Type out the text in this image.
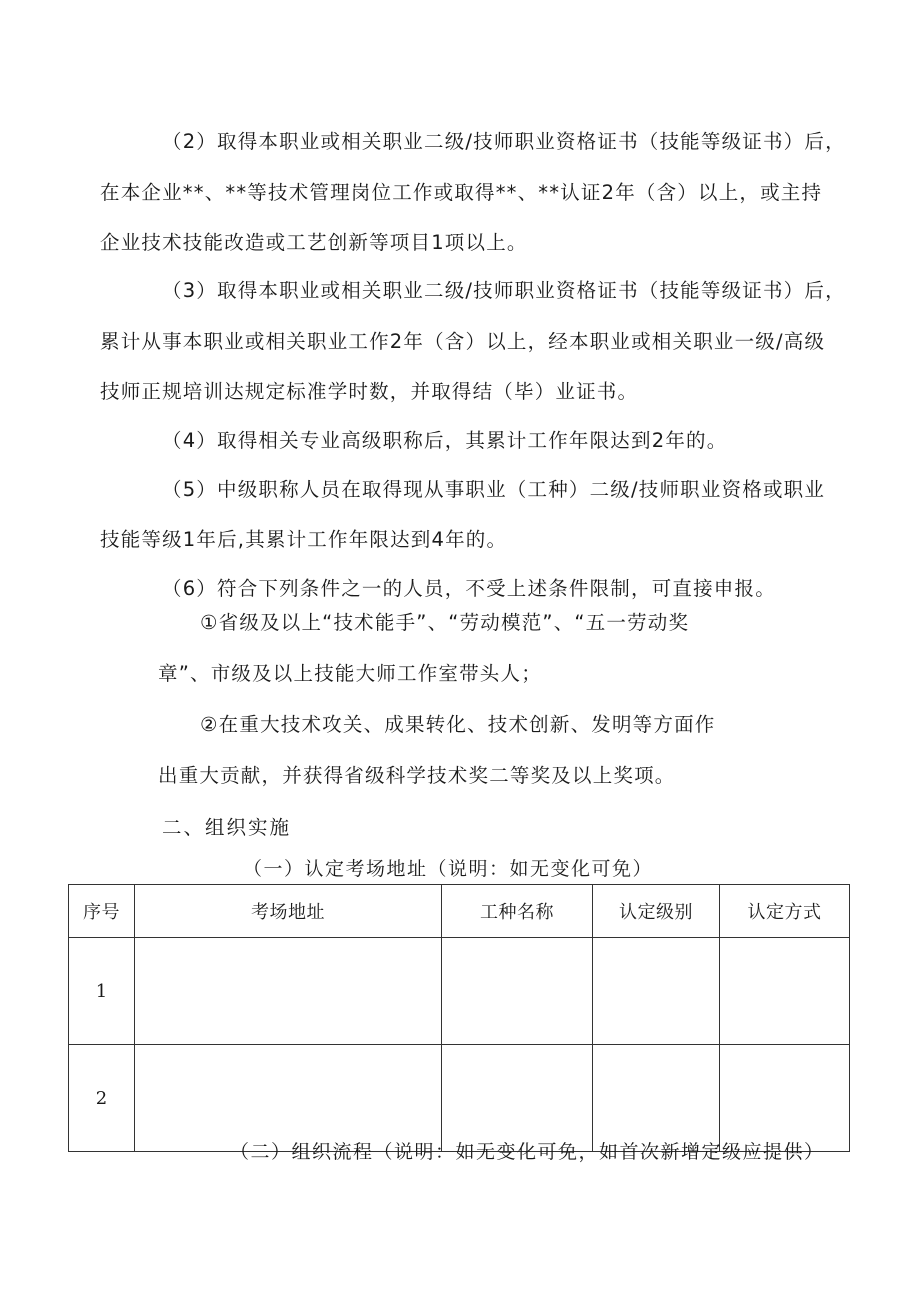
（2）取得本职业或相关职业二级/技师职业资格证书（技能等级证书）后，
在本企业**、**等技术管理岗位工作或取得**、**认证2年（含）以上，或主持
企业技术技能改造或工艺创新等项目1项以上。
（3）取得本职业或相关职业二级/技师职业资格证书（技能等级证书）后，
累计从事本职业或相关职业工作2年（含）以上，经本职业或相关职业一级/高级
技师正规培训达规定标准学时数，并取得结（毕）业证书。
（4）取得相关专业高级职称后，其累计工作年限达到2年的。
（5）中级职称人员在取得现从事职业（工种）二级/技师职业资格或职业
技能等级1年后,其累计工作年限达到4年的。
（6）符合下列条件之一的人员，不受上述条件限制，可直接申报。
①省级及以上“技术能手”、“劳动模范”、“五一劳动奖
章”、市级及以上技能大师工作室带头人；
②在重大技术攻关、成果转化、技术创新、发明等方面作
出重大贡献，并获得省级科学技术奖二等奖及以上奖项。
二、组织实施
（一）认定考场地址（说明：如无变化可免）
序号	考场地址	工种名称	认定级别	认定方式
1				
2				
（二）组织流程（说明：如无变化可免，如首次新增定级应提供）
